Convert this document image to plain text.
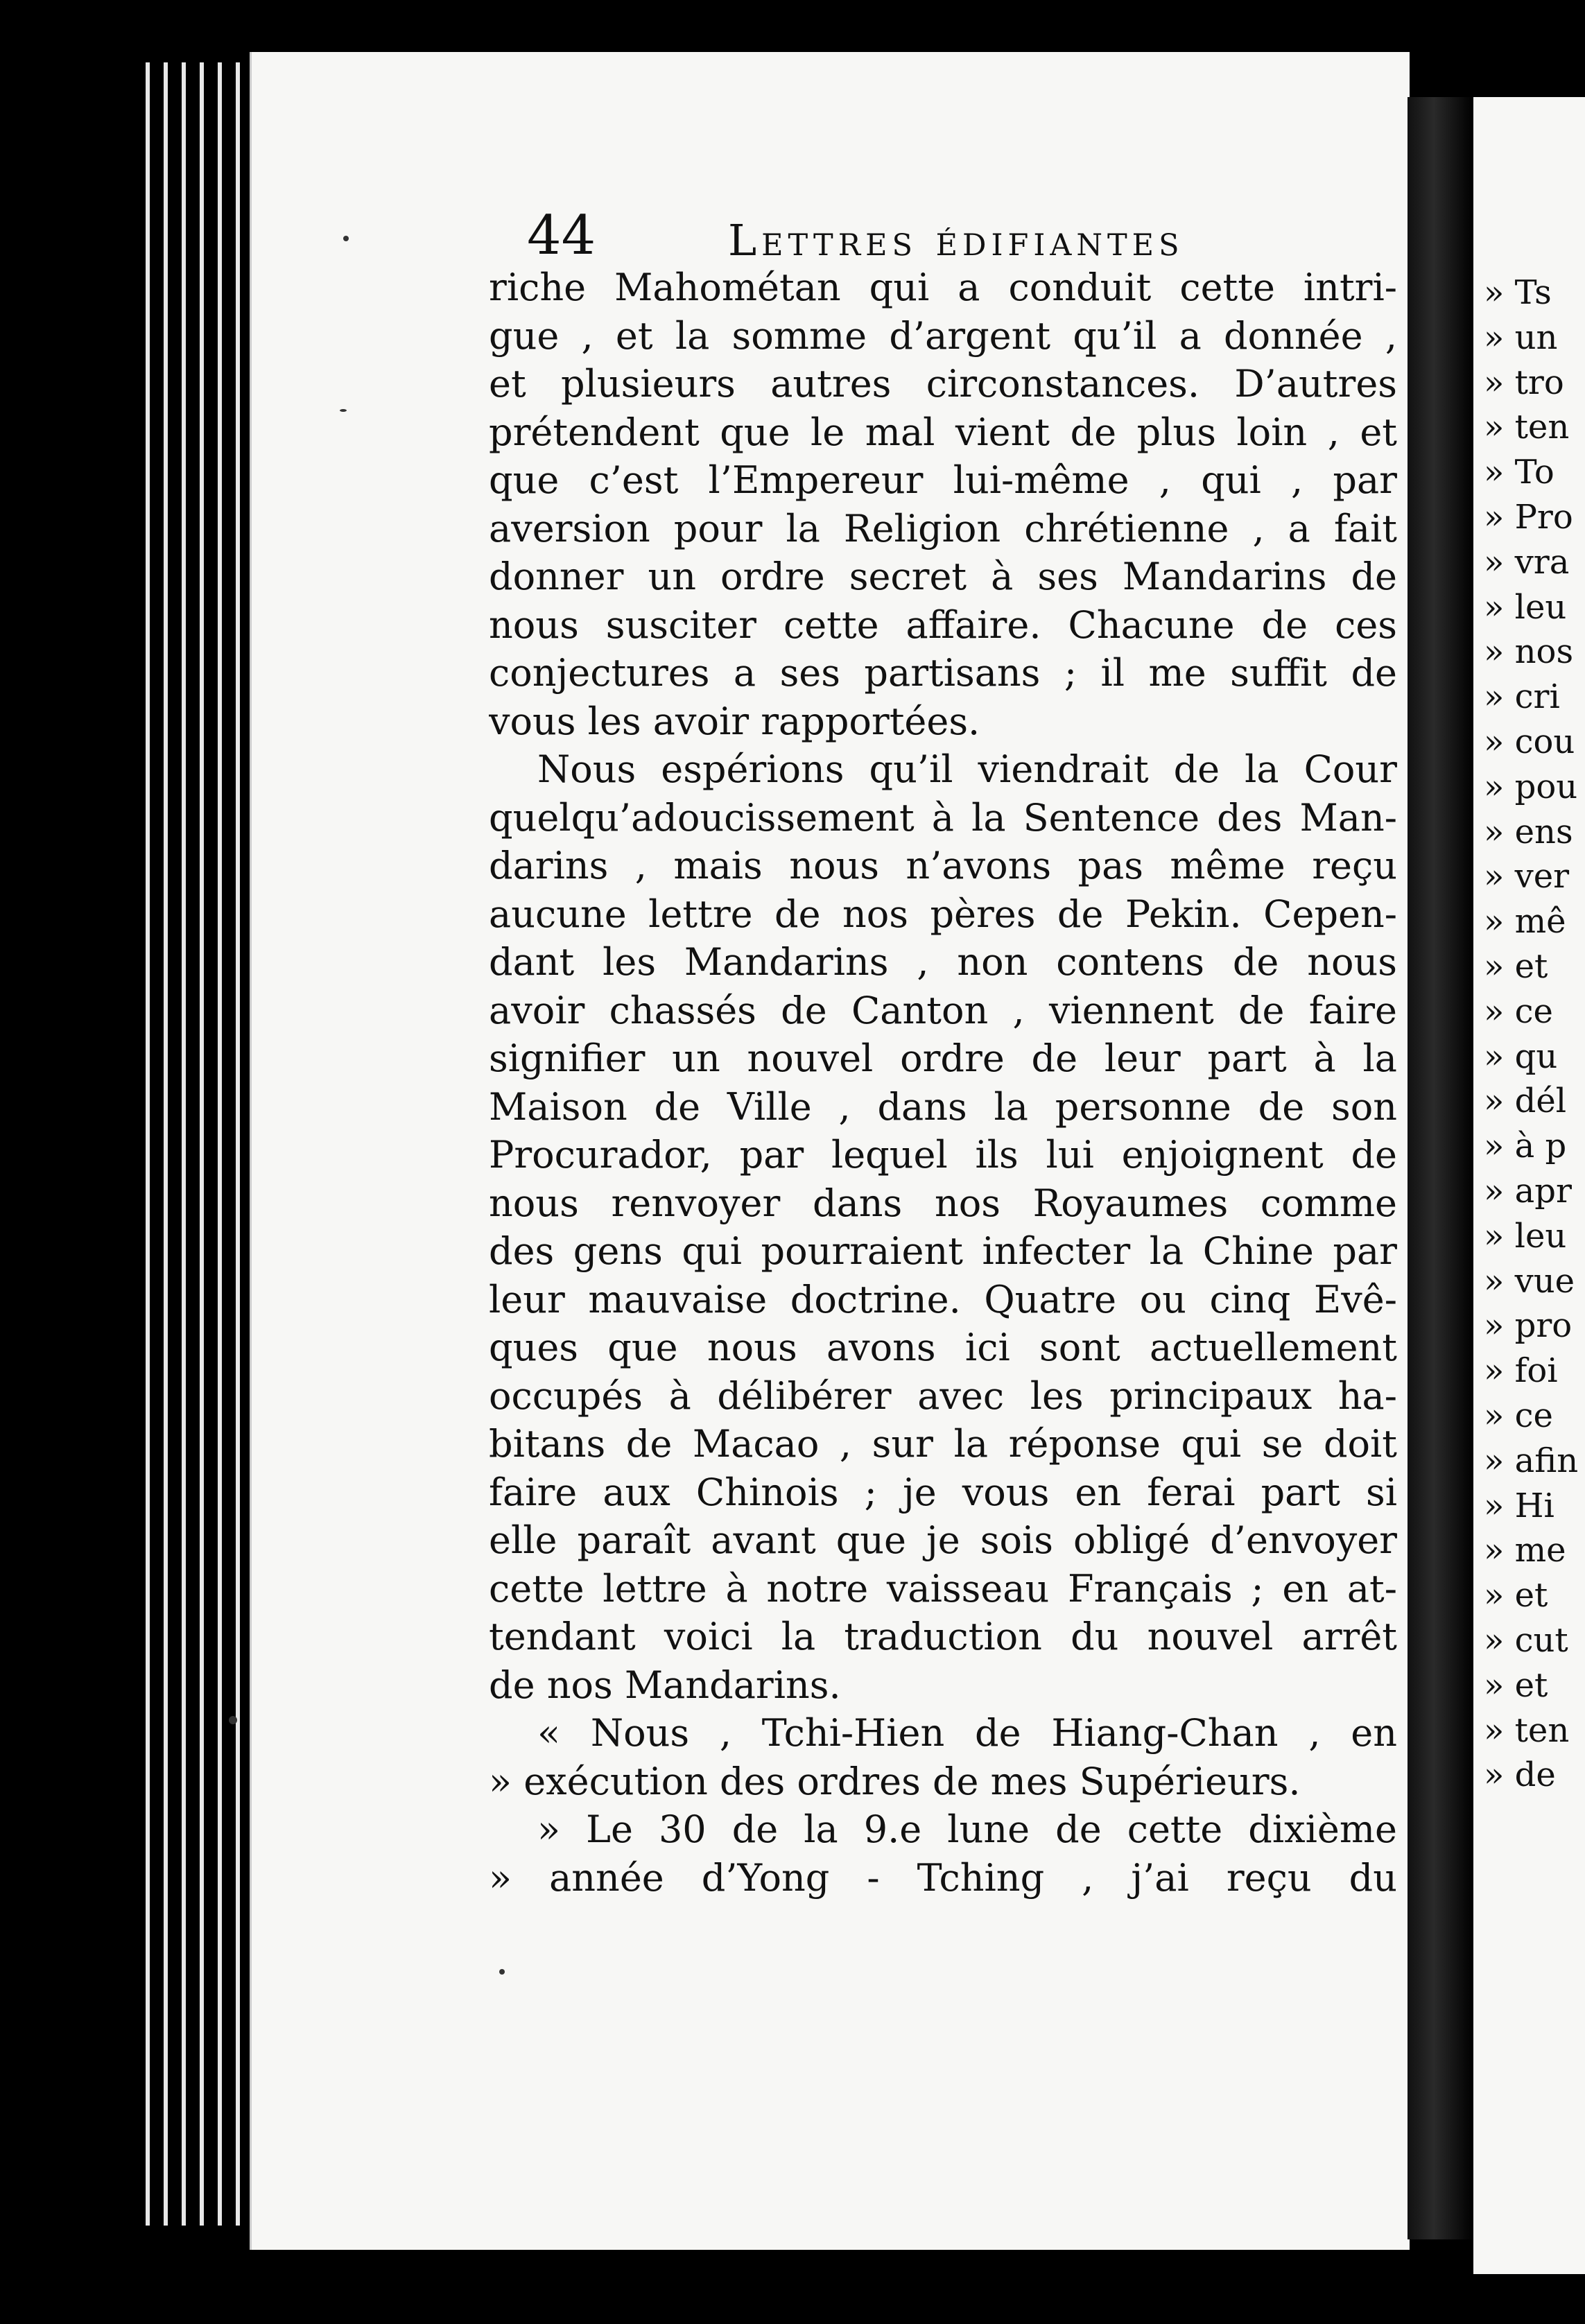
44	Lettres édifiantes
riche Mahométan qui a conduit cette intri-
gue , et la somme d’argent qu’il a donnée ,
et plusieurs autres circonstances. D’autres
prétendent que le mal vient de plus loin , et
que c’est l’Empereur lui-même , qui , par
aversion pour la Religion chrétienne , a fait
donner un ordre secret à ses Mandarins de
nous susciter cette affaire. Chacune de ces
conjectures a ses partisans ; il me suffit de
vous les avoir rapportées.
Nous espérions qu’il viendrait de la Cour
quelqu’adoucissement à la Sentence des Man-
darins , mais nous n’avons pas même reçu
aucune lettre de nos pères de Pekin. Cepen-
dant les Mandarins , non contens de nous
avoir chassés de Canton , viennent de faire
signifier un nouvel ordre de leur part à la
Maison de Ville , dans la personne de son
Procurador, par lequel ils lui enjoignent de
nous renvoyer dans nos Royaumes comme
des gens qui pourraient infecter la Chine par
leur mauvaise doctrine. Quatre ou cinq Evê-
ques que nous avons ici sont actuellement
occupés à délibérer avec les principaux ha-
bitans de Macao , sur la réponse qui se doit
faire aux Chinois ; je vous en ferai part si
elle paraît avant que je sois obligé d’envoyer
cette lettre à notre vaisseau Français ; en at-
tendant voici la traduction du nouvel arrêt
de nos Mandarins.
« Nous , Tchi-Hien de Hiang-Chan , en
» exécution des ordres de mes Supérieurs.
» Le 30 de la 9.e lune de cette dixième
» année d’Yong - Tching , j’ai reçu du
» Ts
» un
» tro
» ten
» To
» Pro
» vra
» leu
» nos
» cri
» cou
» pou
» ens
» ver
» mê
» et
» ce
» qu
» dél
» à p
» apr
» leu
» vue
» pro
» foi
» ce
» afin
» Hi
» me
» et
» cut
» et
» ten
» de
